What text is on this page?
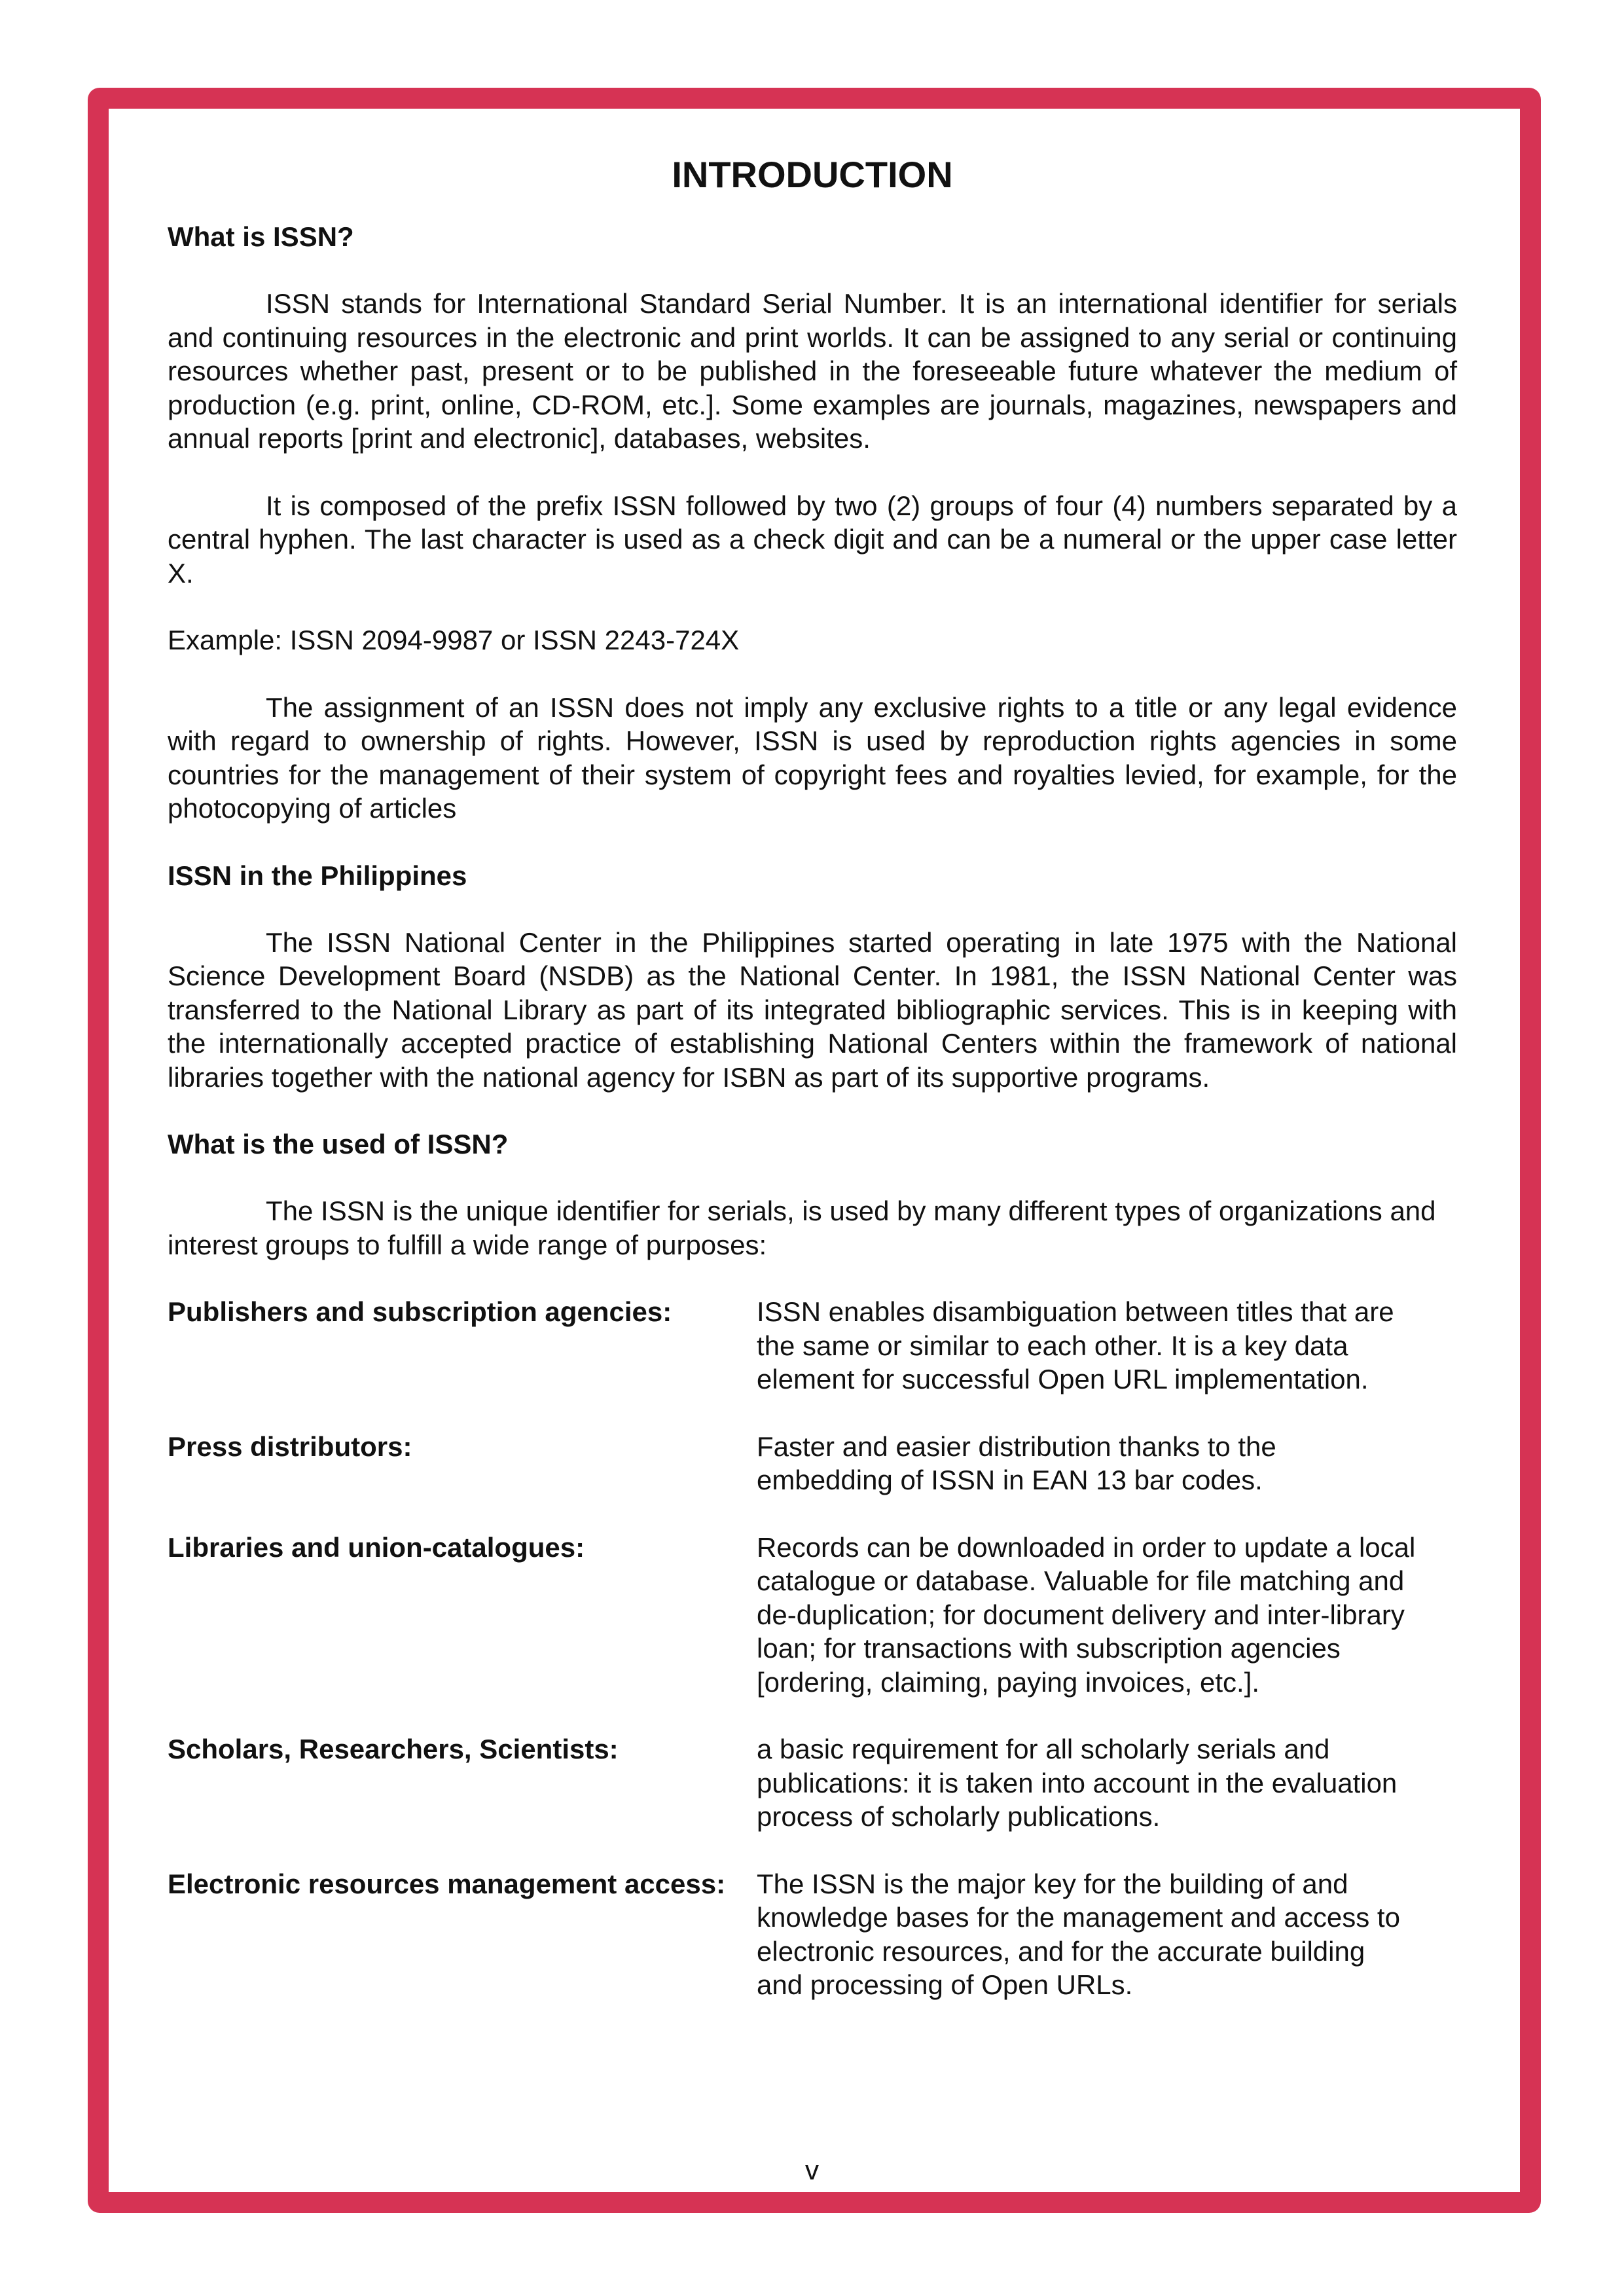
INTRODUCTION
What is ISSN?

ISSN stands for International Standard Serial Number. It is an international identifier for serials and continuing resources in the electronic and print worlds. It can be assigned to any serial or continuing resources whether past, present or to be published in the foreseeable future whatever the medium of production (e.g. print, online, CD-ROM, etc.]. Some examples are journals, magazines, newspapers and annual reports [print and electronic], databases, websites.

It is composed of the prefix ISSN followed by two (2) groups of four (4) numbers separated by a central hyphen. The last character is used as a check digit and can be a numeral or the upper case letter X.

Example: ISSN 2094-9987 or ISSN 2243-724X

The assignment of an ISSN does not imply any exclusive rights to a title or any legal evidence with regard to ownership of rights. However, ISSN is used by reproduction rights agencies in some countries for the management of their system of copyright fees and royalties levied, for example, for the photocopying of articles

ISSN in the Philippines

The ISSN National Center in the Philippines started operating in late 1975 with the National Science Development Board (NSDB) as the National Center. In 1981, the ISSN National Center was transferred to the National Library as part of its integrated bibliographic services. This is in keeping with the internationally accepted practice of establishing National Centers within the framework of national libraries together with the national agency for ISBN as part of its supportive programs.

What is the used of ISSN?

The ISSN is the unique identifier for serials, is used by many different types of organizations and interest groups to fulfill a wide range of purposes:

Publishers and subscription agencies:	ISSN enables disambiguation between titles that are the same or similar to each other. It is a key data element for successful Open URL implementation.
Press distributors:	Faster and easier distribution thanks to the embedding of ISSN in EAN 13 bar codes.
Libraries and union-catalogues:	Records can be downloaded in order to update a local catalogue or database. Valuable for file matching and de-duplication; for document delivery and inter-library loan; for transactions with subscription agencies [ordering, claiming, paying invoices, etc.].
Scholars, Researchers, Scientists:	a basic requirement for all scholarly serials and publications: it is taken into account in the evaluation process of scholarly publications.
Electronic resources management access:	The ISSN is the major key for the building of and knowledge bases for the management and access to electronic resources, and for the accurate building and processing of Open URLs.
v
